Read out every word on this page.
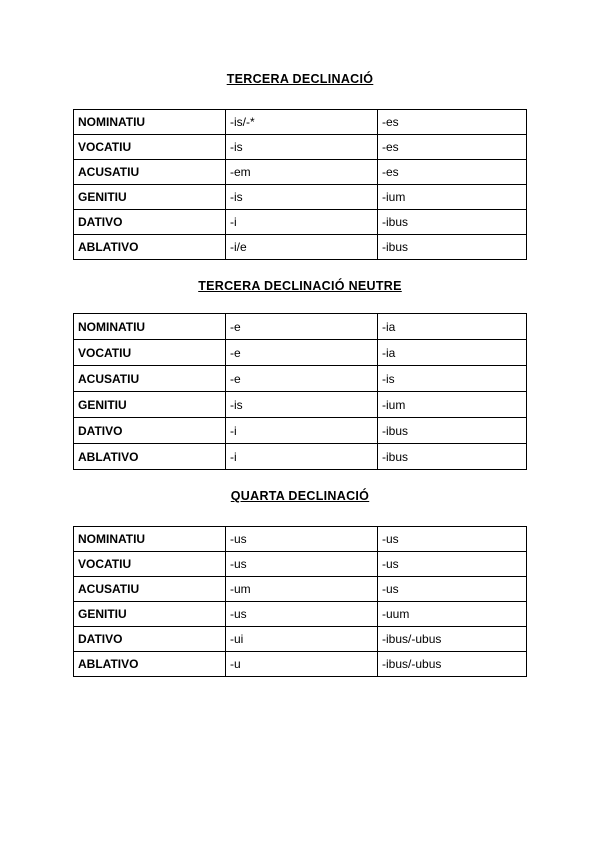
TERCERA DECLINACIÓ
NOMINATIU	-is/-*	-es
VOCATIU	-is	-es
ACUSATIU	-em	-es
GENITIU	-is	-ium
DATIVO	-i	-ibus
ABLATIVO	-i/e	-ibus
TERCERA DECLINACIÓ NEUTRE
NOMINATIU	-e	-ia
VOCATIU	-e	-ia
ACUSATIU	-e	-is
GENITIU	-is	-ium
DATIVO	-i	-ibus
ABLATIVO	-i	-ibus
QUARTA DECLINACIÓ
NOMINATIU	-us	-us
VOCATIU	-us	-us
ACUSATIU	-um	-us
GENITIU	-us	-uum
DATIVO	-ui	-ibus/-ubus
ABLATIVO	-u	-ibus/-ubus
